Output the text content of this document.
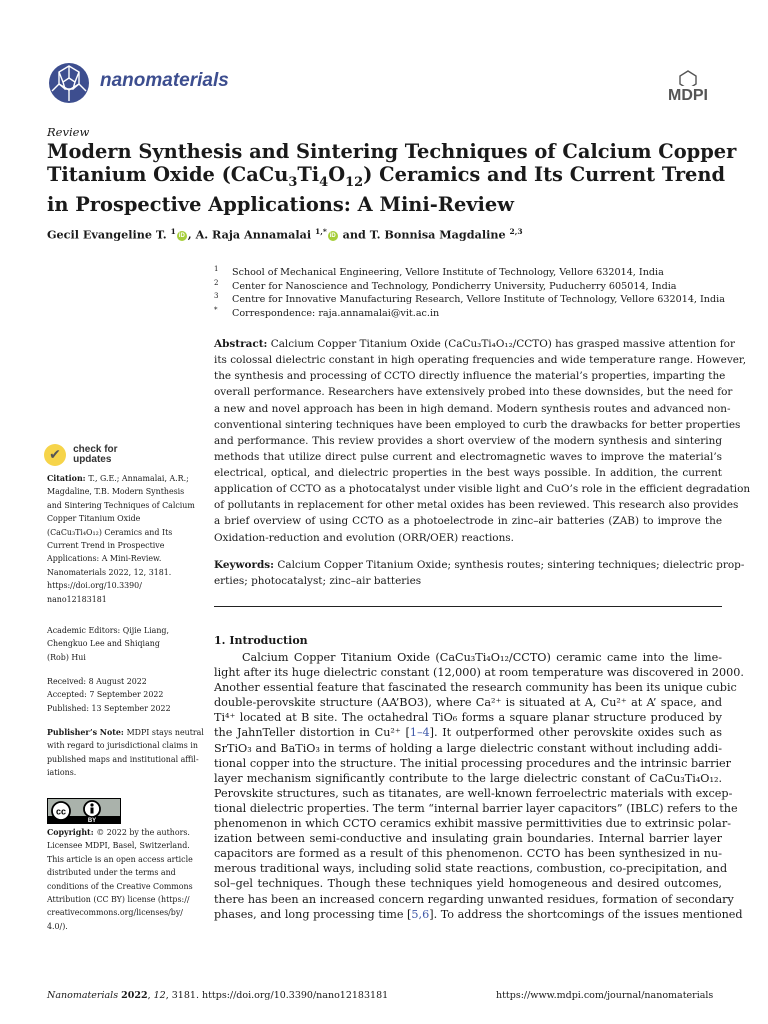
nanomaterials
MDPI
Review
Modern Synthesis and Sintering Techniques of Calcium Copper
Titanium Oxide $(CaCu_3Ti_4O_{12})$ Ceramics and Its Current Trend
in Prospective Applications: A Mini-Review
Gecil Evangeline T. $^1$ iD , A. Raja Annamalai $^{1,*}$ iD and T. Bonnisa Magdaline $^{2,3}$
1 School of Mechanical Engineering, Vellore Institute of Technology, Vellore 632014, India
2 Center for Nanoscience and Technology, Pondicherry University, Puducherry 605014, India
3 Centre for Innovative Manufacturing Research, Vellore Institute of Technology, Vellore 632014, India
* Correspondence: raja.annamalai@vit.ac.in
Abstract: Calcium Copper Titanium Oxide (CaCu₃Ti₄O₁₂/CCTO) has grasped massive attention for
its colossal dielectric constant in high operating frequencies and wide temperature range. However,
the synthesis and processing of CCTO directly influence the material’s properties, imparting the
overall performance. Researchers have extensively probed into these downsides, but the need for
a new and novel approach has been in high demand. Modern synthesis routes and advanced non-
conventional sintering techniques have been employed to curb the drawbacks for better properties
and performance. This review provides a short overview of the modern synthesis and sintering
methods that utilize direct pulse current and electromagnetic waves to improve the material’s
electrical, optical, and dielectric properties in the best ways possible. In addition, the current
application of CCTO as a photocatalyst under visible light and CuO’s role in the efficient degradation
of pollutants in replacement for other metal oxides has been reviewed. This research also provides
a brief overview of using CCTO as a photoelectrode in zinc–air batteries (ZAB) to improve the
Oxidation-reduction and evolution (ORR/OER) reactions.
Keywords: Calcium Copper Titanium Oxide; synthesis routes; sintering techniques; dielectric prop-
erties; photocatalyst; zinc–air batteries
✔ check for
updates
Citation: T., G.E.; Annamalai, A.R.;
Magdaline, T.B. Modern Synthesis
and Sintering Techniques of Calcium
Copper Titanium Oxide
(CaCu₃Ti₄O₁₂) Ceramics and Its
Current Trend in Prospective
Applications: A Mini-Review.
Nanomaterials 2022, 12, 3181.
https://doi.org/10.3390/
nano12183181
Academic Editors: Qijie Liang,
Chengkuo Lee and Shiqiang
(Rob) Hui
Received: 8 August 2022
Accepted: 7 September 2022
Published: 13 September 2022
Publisher’s Note: MDPI stays neutral
with regard to jurisdictional claims in
published maps and institutional affil-
iations.
cc
BY
Copyright: © 2022 by the authors.
Licensee MDPI, Basel, Switzerland.
This article is an open access article
distributed under the terms and
conditions of the Creative Commons
Attribution (CC BY) license (https://
creativecommons.org/licenses/by/
4.0/).
1. Introduction
Calcium Copper Titanium Oxide (CaCu₃Ti₄O₁₂/CCTO) ceramic came into the lime-
light after its huge dielectric constant (12,000) at room temperature was discovered in 2000.
Another essential feature that fascinated the research community has been its unique cubic
double-perovskite structure (AA’BO3), where Ca²⁺ is situated at A, Cu²⁺ at A’ space, and
Ti⁴⁺ located at B site. The octahedral TiO₆ forms a square planar structure produced by
the JahnTeller distortion in Cu²⁺ [1–4]. It outperformed other perovskite oxides such as
SrTiO₃ and BaTiO₃ in terms of holding a large dielectric constant without including addi-
tional copper into the structure. The initial processing procedures and the intrinsic barrier
layer mechanism significantly contribute to the large dielectric constant of CaCu₃Ti₄O₁₂.
Perovskite structures, such as titanates, are well-known ferroelectric materials with excep-
tional dielectric properties. The term “internal barrier layer capacitors” (IBLC) refers to the
phenomenon in which CCTO ceramics exhibit massive permittivities due to extrinsic polar-
ization between semi-conductive and insulating grain boundaries. Internal barrier layer
capacitors are formed as a result of this phenomenon. CCTO has been synthesized in nu-
merous traditional ways, including solid state reactions, combustion, co-precipitation, and
sol–gel techniques. Though these techniques yield homogeneous and desired outcomes,
there has been an increased concern regarding unwanted residues, formation of secondary
phases, and long processing time [5,6]. To address the shortcomings of the issues mentioned
Nanomaterials 2022, 12, 3181. https://doi.org/10.3390/nano12183181	https://www.mdpi.com/journal/nanomaterials
